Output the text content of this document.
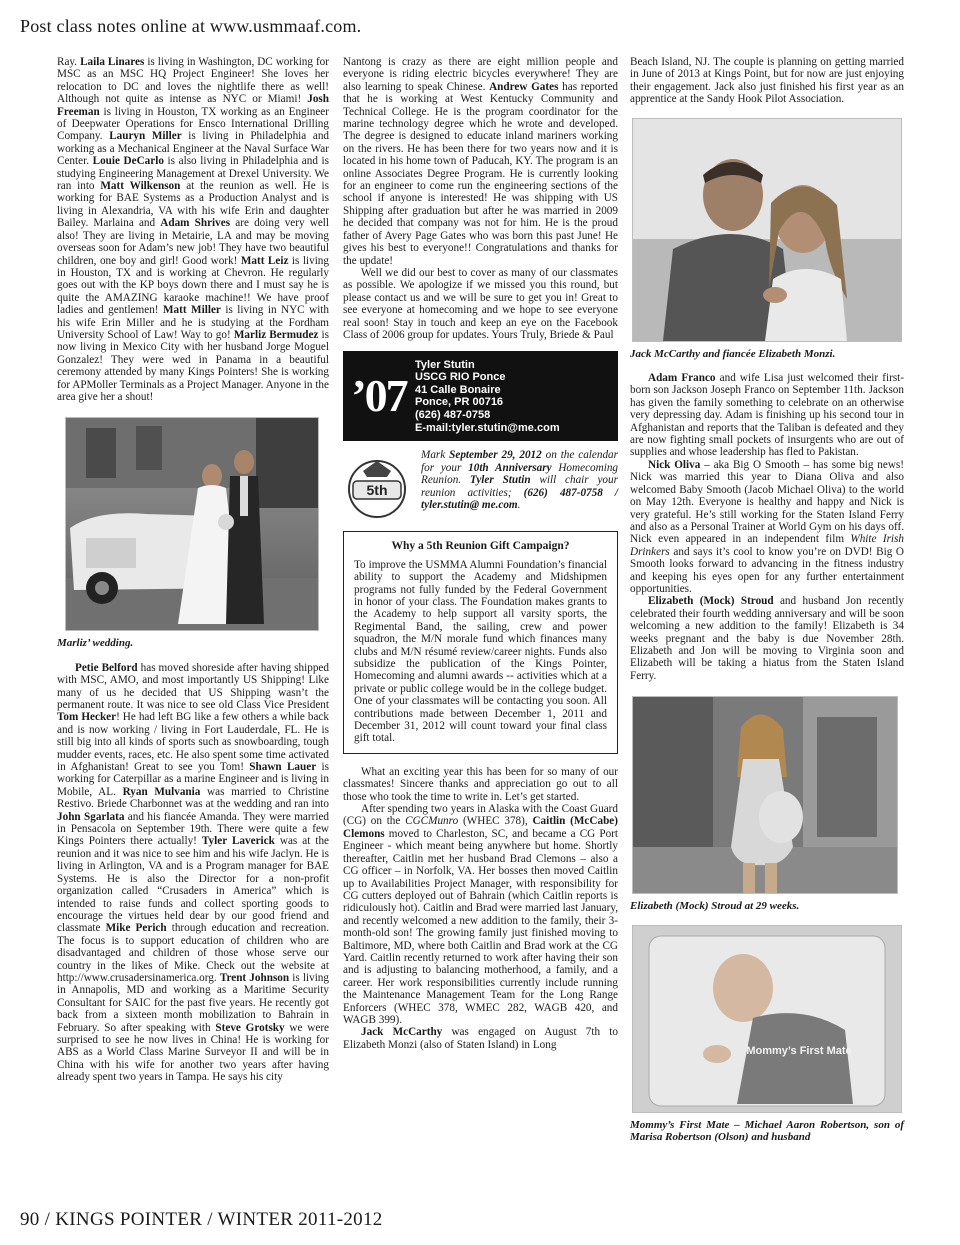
Post class notes online at www.usmmaaf.com.

Ray. Laila Linares is living in Washington, DC working for MSC as an MSC HQ Project Engineer! She loves her relocation to DC and loves the nightlife there as well! Although not quite as intense as NYC or Miami! Josh Freeman is living in Houston, TX working as an Engineer of Deepwater Operations for Ensco International Drilling Company. Lauryn Miller is living in Philadelphia and working as a Mechanical Engineer at the Naval Surface War Center. Louie DeCarlo is also living in Philadelphia and is studying Engineering Management at Drexel University. We ran into Matt Wilkenson at the reunion as well. He is working for BAE Systems as a Production Analyst and is living in Alexandria, VA with his wife Erin and daughter Bailey. Marlaina and Adam Shrives are doing very well also! They are living in Metairie, LA and may be moving overseas soon for Adam’s new job! They have two beautiful children, one boy and girl! Good work! Matt Leiz is living in Houston, TX and is working at Chevron. He regularly goes out with the KP boys down there and I must say he is quite the AMAZING karaoke machine!! We have proof ladies and gentlemen! Matt Miller is living in NYC with his wife Erin Miller and he is studying at the Fordham University School of Law! Way to go! Marliz Bermudez is now living in Mexico City with her husband Jorge Moguel Gonzalez! They were wed in Panama in a beautiful ceremony attended by many Kings Pointers! She is working for APMoller Terminals as a Project Manager. Anyone in the area give her a shout!

Marliz’ wedding.

Petie Belford has moved shoreside after having shipped with MSC, AMO, and most importantly US Shipping! Like many of us he decided that US Shipping wasn’t the permanent route. It was nice to see old Class Vice President Tom Hecker! He had left BG like a few others a while back and is now working / living in Fort Lauderdale, FL. He is still big into all kinds of sports such as snowboarding, tough mudder events, races, etc. He also spent some time activated in Afghanistan! Great to see you Tom! Shawn Lauer is working for Caterpillar as a marine Engineer and is living in Mobile, AL. Ryan Mulvania was married to Christine Restivo. Briede Charbonnet was at the wedding and ran into John Sgarlata and his fiancée Amanda. They were married in Pensacola on September 19th. There were quite a few Kings Pointers there actually! Tyler Laverick was at the reunion and it was nice to see him and his wife Jaclyn. He is living in Arlington, VA and is a Program manager for BAE Systems. He is also the Director for a non-profit organization called “Crusaders in America” which is intended to raise funds and collect sporting goods to encourage the virtues held dear by our good friend and classmate Mike Perich through education and recreation. The focus is to support education of children who are disadvantaged and children of those whose serve our country in the likes of Mike. Check out the website at http://www.crusadersinamerica.org. Trent Johnson is living in Annapolis, MD and working as a Maritime Security Consultant for SAIC for the past five years. He recently got back from a sixteen month mobilization to Bahrain in February. So after speaking with Steve Grotsky we were surprised to see he now lives in China! He is working for ABS as a World Class Marine Surveyor II and will be in China with his wife for another two years after having already spent two years in Tampa. He says his city

Nantong is crazy as there are eight million people and everyone is riding electric bicycles everywhere! They are also learning to speak Chinese. Andrew Gates has reported that he is working at West Kentucky Community and Technical College. He is the program coordinator for the marine technology degree which he wrote and developed. The degree is designed to educate inland mariners working on the rivers. He has been there for two years now and it is located in his home town of Paducah, KY. The program is an online Associates Degree Program. He is currently looking for an engineer to come run the engineering sections of the school if anyone is interested! He was shipping with US Shipping after graduation but after he was married in 2009 he decided that company was not for him. He is the proud father of Avery Page Gates who was born this past June! He gives his best to everyone!! Congratulations and thanks for the update!

Well we did our best to cover as many of our classmates as possible. We apologize if we missed you this round, but please contact us and we will be sure to get you in! Great to see everyone at homecoming and we hope to see everyone real soon! Stay in touch and keep an eye on the Facebook Class of 2006 group for updates. Yours Truly, Briede & Paul

’07
Tyler Stutin
USCG RIO Ponce
41 Calle Bonaire
Ponce, PR 00716
(626) 487-0758
E-mail:tyler.stutin@me.com
5th
Mark September 29, 2012 on the calendar for your 10th Anniversary Homecoming Reunion. Tyler Stutin will chair your reunion activities; (626) 487-0758 / tyler.stutin@ me.com.
Why a 5th Reunion Gift Campaign?
To improve the USMMA Alumni Foundation’s financial ability to support the Academy and Midshipmen programs not fully funded by the Federal Government in honor of your class. The Foundation makes grants to the Academy to help support all varsity sports, the Regimental Band, the sailing, crew and power squadron, the M/N morale fund which finances many clubs and M/N résumé review/career nights. Funds also subsidize the publication of the Kings Pointer, Homecoming and alumni awards -- activities which at a private or public college would be in the college budget. One of your classmates will be contacting you soon. All contributions made between December 1, 2011 and December 31, 2012 will count toward your final class gift total.

What an exciting year this has been for so many of our classmates! Sincere thanks and appreciation go out to all those who took the time to write in. Let’s get started.

After spending two years in Alaska with the Coast Guard (CG) on the CGCMunro (WHEC 378), Caitlin (McCabe) Clemons moved to Charleston, SC, and became a CG Port Engineer - which meant being anywhere but home. Shortly thereafter, Caitlin met her husband Brad Clemons – also a CG officer – in Norfolk, VA. Her bosses then moved Caitlin up to Availabilities Project Manager, with responsibility for CG cutters deployed out of Bahrain (which Caitlin reports is ridiculously hot). Caitlin and Brad were married last January, and recently welcomed a new addition to the family, their 3-month-old son! The growing family just finished moving to Baltimore, MD, where both Caitlin and Brad work at the CG Yard. Caitlin recently returned to work after having their son and is adjusting to balancing motherhood, a family, and a career. Her work responsibilities currently include running the Maintenance Management Team for the Long Range Enforcers (WHEC 378, WMEC 282, WAGB 420, and WAGB 399).

Jack McCarthy was engaged on August 7th to Elizabeth Monzi (also of Staten Island) in Long

Beach Island, NJ. The couple is planning on getting married in June of 2013 at Kings Point, but for now are just enjoying their engagement. Jack also just finished his first year as an apprentice at the Sandy Hook Pilot Association.

Jack McCarthy and fiancée Elizabeth Monzi.

Adam Franco and wife Lisa just welcomed their first-born son Jackson Joseph Franco on September 11th. Jackson has given the family something to celebrate on an otherwise very depressing day. Adam is finishing up his second tour in Afghanistan and reports that the Taliban is defeated and they are now fighting small pockets of insurgents who are out of supplies and whose leadership has fled to Pakistan.

Nick Oliva – aka Big O Smooth – has some big news! Nick was married this year to Diana Oliva and also welcomed Baby Smooth (Jacob Michael Oliva) to the world on May 12th. Everyone is healthy and happy and Nick is very grateful. He’s still working for the Staten Island Ferry and also as a Personal Trainer at World Gym on his days off. Nick even appeared in an independent film White Irish Drinkers and says it’s cool to know you’re on DVD! Big O Smooth looks forward to advancing in the fitness industry and keeping his eyes open for any further entertainment opportunities.

Elizabeth (Mock) Stroud and husband Jon recently celebrated their fourth wedding anniversary and will be soon welcoming a new addition to the family! Elizabeth is 34 weeks pregnant and the baby is due November 28th. Elizabeth and Jon will be moving to Virginia soon and Elizabeth will be taking a hiatus from the Staten Island Ferry.

Elizabeth (Mock) Stroud at 29 weeks.
Mommy’s First Mate
Mommy’s First Mate – Michael Aaron Robertson, son of Marisa Robertson (Olson) and husband
90 / KINGS POINTER / WINTER 2011-2012
